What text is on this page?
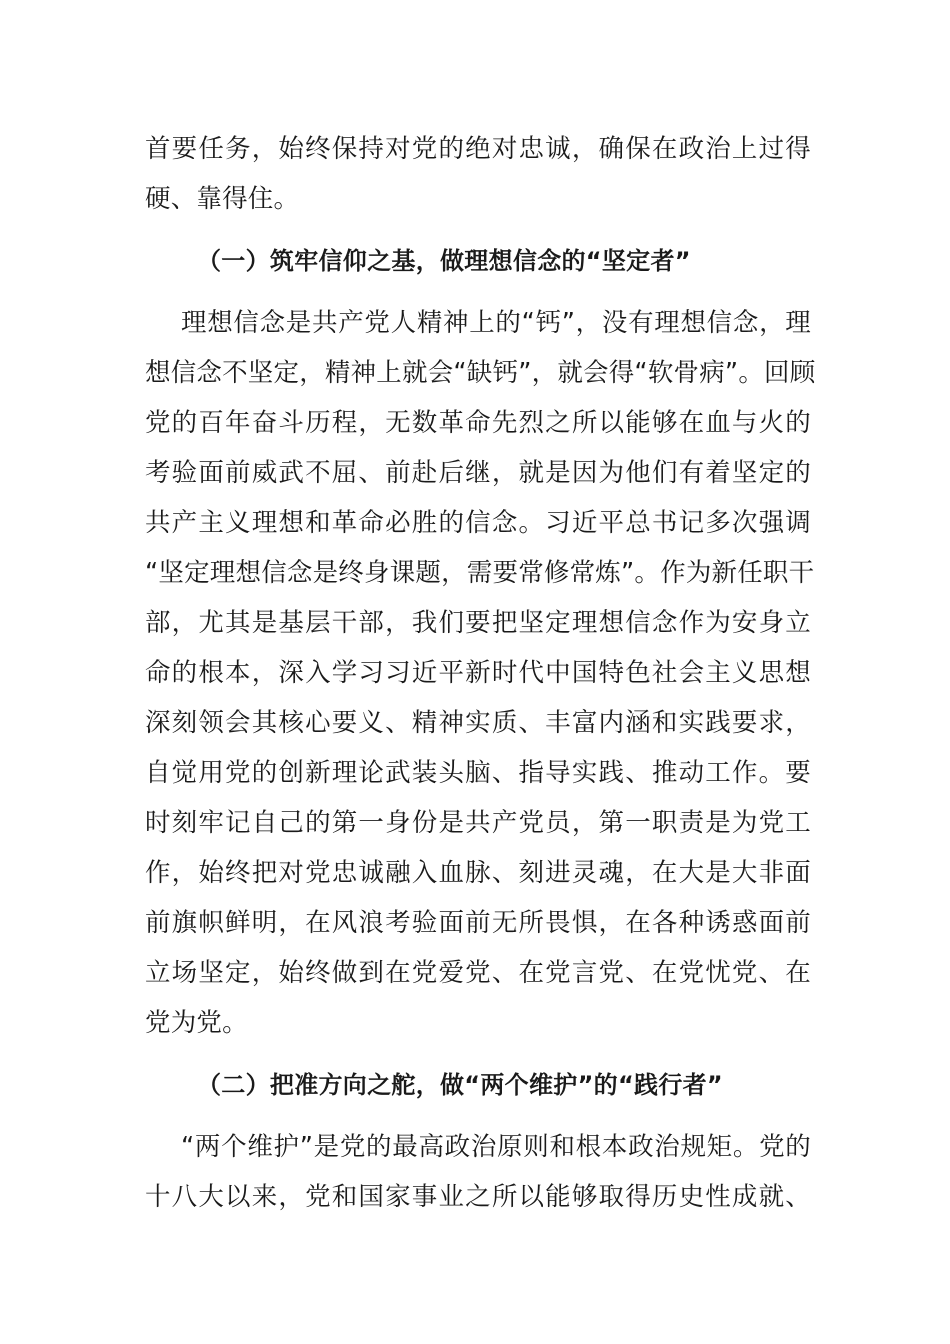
首要任务，始终保持对党的绝对忠诚，确保在政治上过得
硬、靠得住。
（一）筑牢信仰之基，做理想信念的“坚定者”
理想信念是共产党人精神上的“钙”，没有理想信念，理
想信念不坚定，精神上就会“缺钙”，就会得“软骨病”。回顾
党的百年奋斗历程，无数革命先烈之所以能够在血与火的
考验面前威武不屈、前赴后继，就是因为他们有着坚定的
共产主义理想和革命必胜的信念。习近平总书记多次强调
“坚定理想信念是终身课题，需要常修常炼”。作为新任职干
部，尤其是基层干部，我们要把坚定理想信念作为安身立
命的根本，深入学习习近平新时代中国特色社会主义思想
深刻领会其核心要义、精神实质、丰富内涵和实践要求，
自觉用党的创新理论武装头脑、指导实践、推动工作。要
时刻牢记自己的第一身份是共产党员，第一职责是为党工
作，始终把对党忠诚融入血脉、刻进灵魂，在大是大非面
前旗帜鲜明，在风浪考验面前无所畏惧，在各种诱惑面前
立场坚定，始终做到在党爱党、在党言党、在党忧党、在
党为党。
（二）把准方向之舵，做“两个维护”的“践行者”
“两个维护”是党的最高政治原则和根本政治规矩。党的
十八大以来，党和国家事业之所以能够取得历史性成就、
